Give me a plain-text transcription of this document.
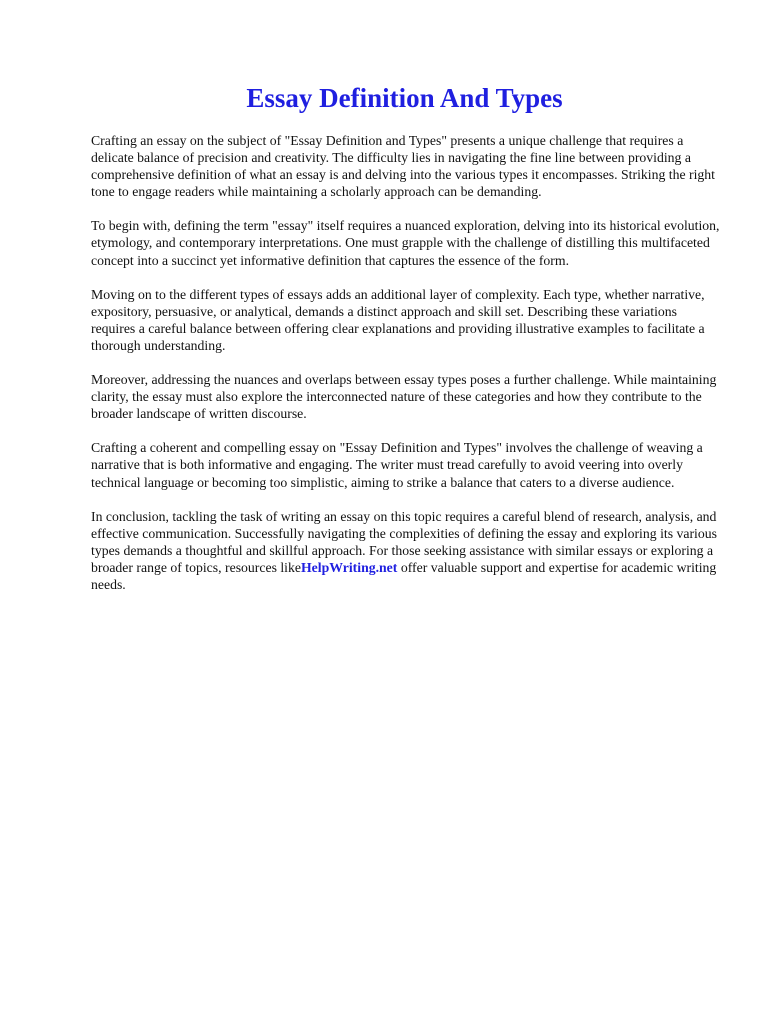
Essay Definition And Types

Crafting an essay on the subject of "Essay Definition and Types" presents a unique challenge that requires a delicate balance of precision and creativity. The difficulty lies in navigating the fine line between providing a comprehensive definition of what an essay is and delving into the various types it encompasses. Striking the right tone to engage readers while maintaining a scholarly approach can be demanding.

To begin with, defining the term "essay" itself requires a nuanced exploration, delving into its historical evolution, etymology, and contemporary interpretations. One must grapple with the challenge of distilling this multifaceted concept into a succinct yet informative definition that captures the essence of the form.

Moving on to the different types of essays adds an additional layer of complexity. Each type, whether narrative, expository, persuasive, or analytical, demands a distinct approach and skill set. Describing these variations requires a careful balance between offering clear explanations and providing illustrative examples to facilitate a thorough understanding.

Moreover, addressing the nuances and overlaps between essay types poses a further challenge. While maintaining clarity, the essay must also explore the interconnected nature of these categories and how they contribute to the broader landscape of written discourse.

Crafting a coherent and compelling essay on "Essay Definition and Types" involves the challenge of weaving a narrative that is both informative and engaging. The writer must tread carefully to avoid veering into overly technical language or becoming too simplistic, aiming to strike a balance that caters to a diverse audience.

In conclusion, tackling the task of writing an essay on this topic requires a careful blend of research, analysis, and effective communication. Successfully navigating the complexities of defining the essay and exploring its various types demands a thoughtful and skillful approach. For those seeking assistance with similar essays or exploring a broader range of topics, resources likeHelpWriting.net offer valuable support and expertise for academic writing needs.
